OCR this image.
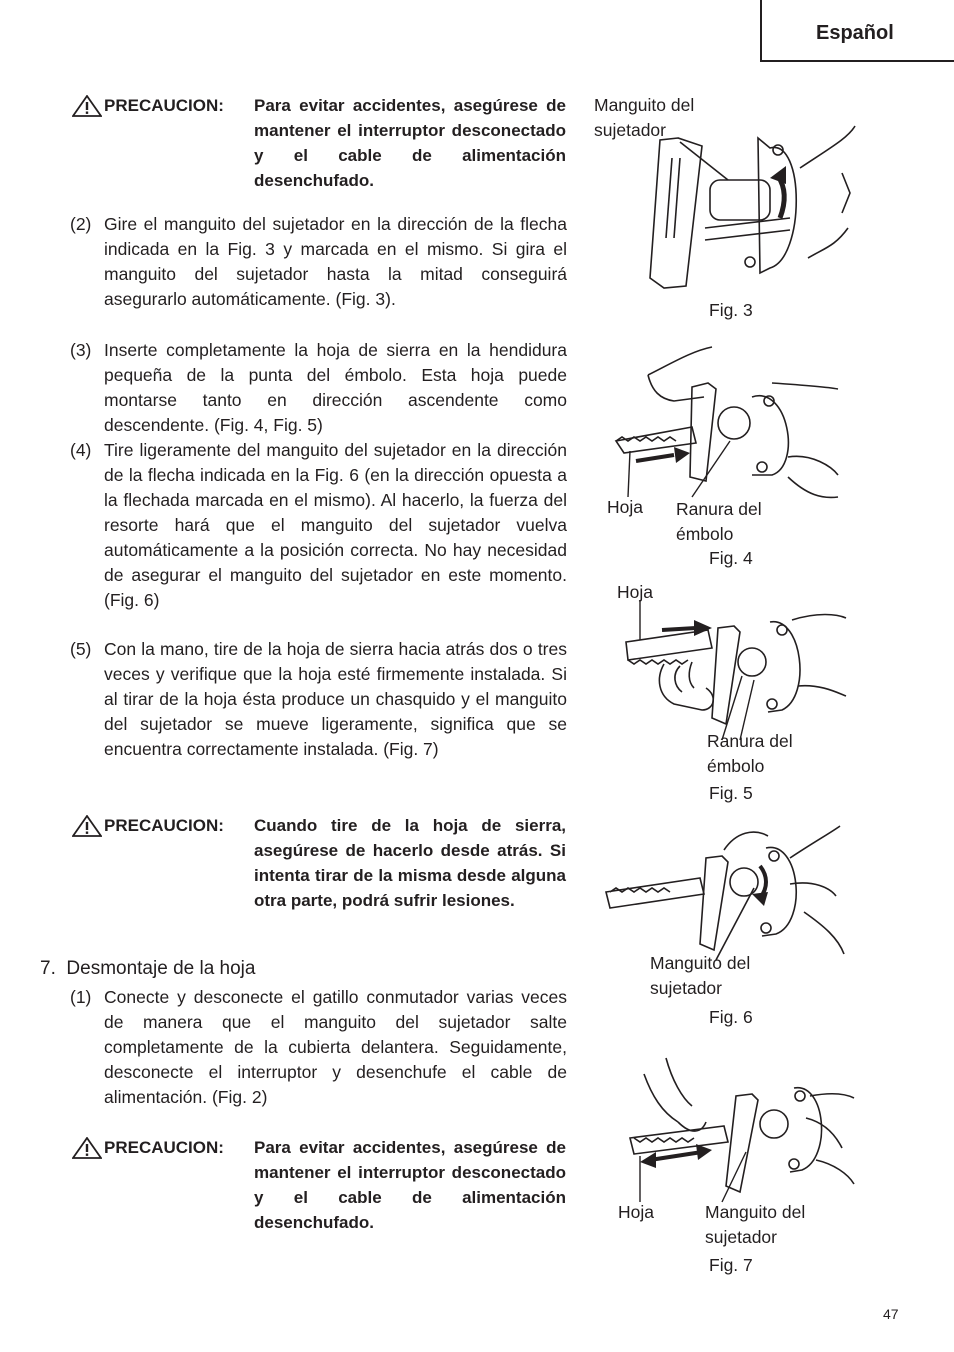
Español
PRECAUCION: Para evitar accidentes, asegúrese de mantener el interruptor desconectado y el cable de alimentación desenchufado.
(2) Gire el manguito del sujetador en la dirección de la flecha indicada en la Fig. 3 y marcada en el mismo. Si gira el manguito del sujetador hasta la mitad conseguirá asegurarlo automáticamente. (Fig. 3).
(3) Inserte completamente la hoja de sierra en la hendidura pequeña de la punta del émbolo. Esta hoja puede montarse tanto en dirección ascendente como descendente. (Fig. 4, Fig. 5)
(4) Tire ligeramente del manguito del sujetador en la dirección de la flecha indicada en la Fig. 6 (en la dirección opuesta a la flechada marcada en el mismo). Al hacerlo, la fuerza del resorte hará que el manguito del sujetador vuelva automáticamente a la posición correcta. No hay necesidad de asegurar el manguito del sujetador en este momento. (Fig. 6)
(5) Con la mano, tire de la hoja de sierra hacia atrás dos o tres veces y verifique que la hoja esté firmemente instalada. Si al tirar de la hoja ésta produce un chasquido y el manguito del sujetador se mueve ligeramente, significa que se encuentra correctamente instalada. (Fig. 7)
PRECAUCION: Cuando tire de la hoja de sierra, asegúrese de hacerlo desde atrás. Si intenta tirar de la misma desde alguna otra parte, podrá sufrir lesiones.
7.  Desmontaje de la hoja
(1) Conecte y desconecte el gatillo conmutador varias veces de manera que el manguito del sujetador salte completamente de la cubierta delantera. Seguidamente, desconecte el interruptor y desenchufe el cable de alimentación. (Fig. 2)
PRECAUCION: Para evitar accidentes, asegúrese de mantener el interruptor desconectado y el cable de alimentación desenchufado.
Manguito del
sujetador
Fig. 3
Hoja Ranura del
émbolo
Fig. 4
Hoja
Ranura del
émbolo
Fig. 5
Manguito del
sujetador
Fig. 6
Hoja	Manguito del
sujetador
Fig. 7
47
